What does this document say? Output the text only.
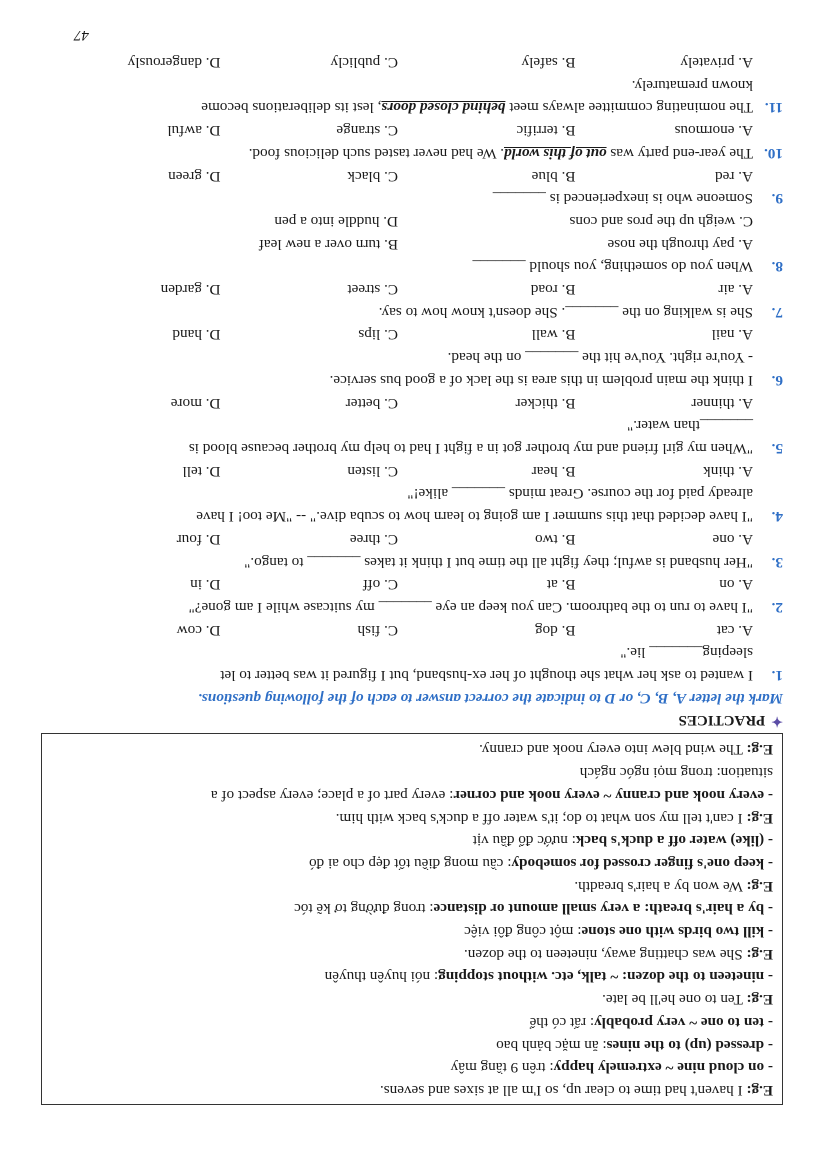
E.g: I haven't had time to clear up, so I'm all at sixes and sevens.
- on cloud nine ~ extremely happy: trên 9 tầng mây
- dressed (up) to the nines: ăn mặc bảnh bao
- ten to one ~ very probably: rất có thể
E.g: Ten to one he'll be late.
- nineteen to the dozen: ~ talk, etc. without stopping: nói huyên thuyên
E.g: She was chatting away, nineteen to the dozen.
- kill two birds with one stone: một công đôi việc
- by a hair's breath: a very small amount or distance: trong đường tơ kẽ tóc
E.g: We won by a hair's breadth.
- keep one's finger crossed for somebody: cầu mong điều tốt đẹp cho ai đó
- (like) water off a duck's back: nước đổ đầu vịt
E.g: I can't tell my son what to do; it's water off a duck's back with him.
- every nook and cranny ~ every nook and corner: every part of a place; every aspect of a
situation: trong mọi ngóc ngách
E.g: The wind blew into every nook and cranny.
✦
PRACTICES
Mark the letter A, B, C, or D to indicate the correct answer to each of the following questions.
1.
I wanted to ask her what she thought of her ex-husband, but I figured it was better to let
sleeping_______ lie."
A. cat
B. dog
C. fish
D. cow
2.
"I have to run to the bathroom. Can you keep an eye _______ my suitcase while I am gone?"
A. on
B. at
C. off
D. in
3.
"Her husband is awful; they fight all the time but I think it takes _______ to tango."
A. one
B. two
C. three
D. four
4.
"I have decided that this summer I am going to learn how to scuba dive." -- "Me too! I have
already paid for the course. Great minds _______ alike!"
A. think
B. hear
C. listen
D. tell
5.
"When my girl friend and my brother got in a fight I had to help my brother because blood is
_______than water."
A. thinner
B. thicker
C. better
D. more
6.
I think the main problem in this area is the lack of a good bus service.
- You're right. You've hit the _______ on the head.
A. nail
B. wall
C. lips
D. hand
7.
She is walking on the _______. She doesn't know how to say.
A. air
B. road
C. street
D. garden
8.
When you do something, you should _______
A. pay through the nose
B. turn over a new leaf
C. weigh up the pros and cons
D. huddle into a pen
9.
Someone who is inexperienced is _______
A. red
B. blue
C. black
D. green
10.
The year-end party was out of this world. We had never tasted such delicious food.
A. enormous
B. terrific
C. strange
D. awful
11.
The nominating committee always meet behind closed doors, lest its deliberations become
known prematurely.
A. privately
B. safely
C. publicly
D. dangerously
47
